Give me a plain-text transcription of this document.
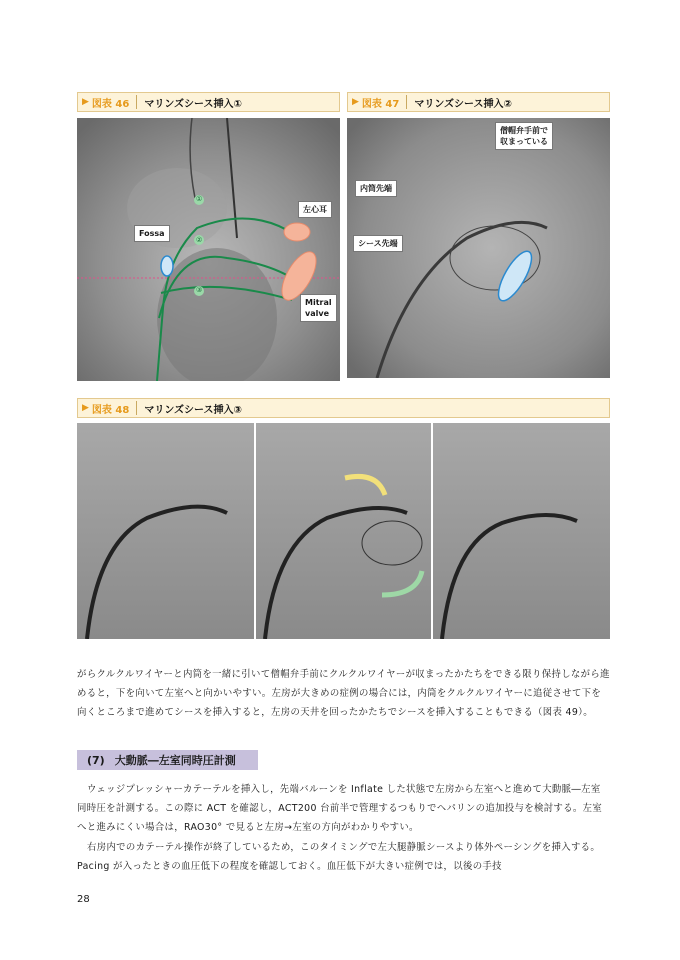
▶ 図表 46 マリンズシース挿入①	▶ 図表 47 マリンズシース挿入②
Fossa
左心耳
Mitral
valve
①
②
③
僧帽弁手前で
収まっている
内筒先端
シース先端
▶ 図表 48 マリンズシース挿入③
がらクルクルワイヤーと内筒を一緒に引いて僧帽弁手前にクルクルワイヤーが収まったかたちをできる限り保持しながら進めると，下を向いて左室へと向かいやすい。左房が大きめの症例の場合には，内筒をクルクルワイヤーに追従させて下を向くところまで進めてシースを挿入すると，左房の天井を回ったかたちでシースを挿入することもできる（図表 49）。
(7) 大動脈―左室同時圧計測
ウェッジプレッシャーカテーテルを挿入し，先端バルーンを Inflate した状態で左房から左室へと進めて大動脈―左室同時圧を計測する。この際に ACT を確認し，ACT200 台前半で管理するつもりでヘパリンの追加投与を検討する。左室へと進みにくい場合は，RAO30° で見ると左房→左室の方向がわかりやすい。
右房内でのカテーテル操作が終了しているため，このタイミングで左大腿静脈シースより体外ペーシングを挿入する。Pacing が入ったときの血圧低下の程度を確認しておく。血圧低下が大きい症例では，以後の手技
28
